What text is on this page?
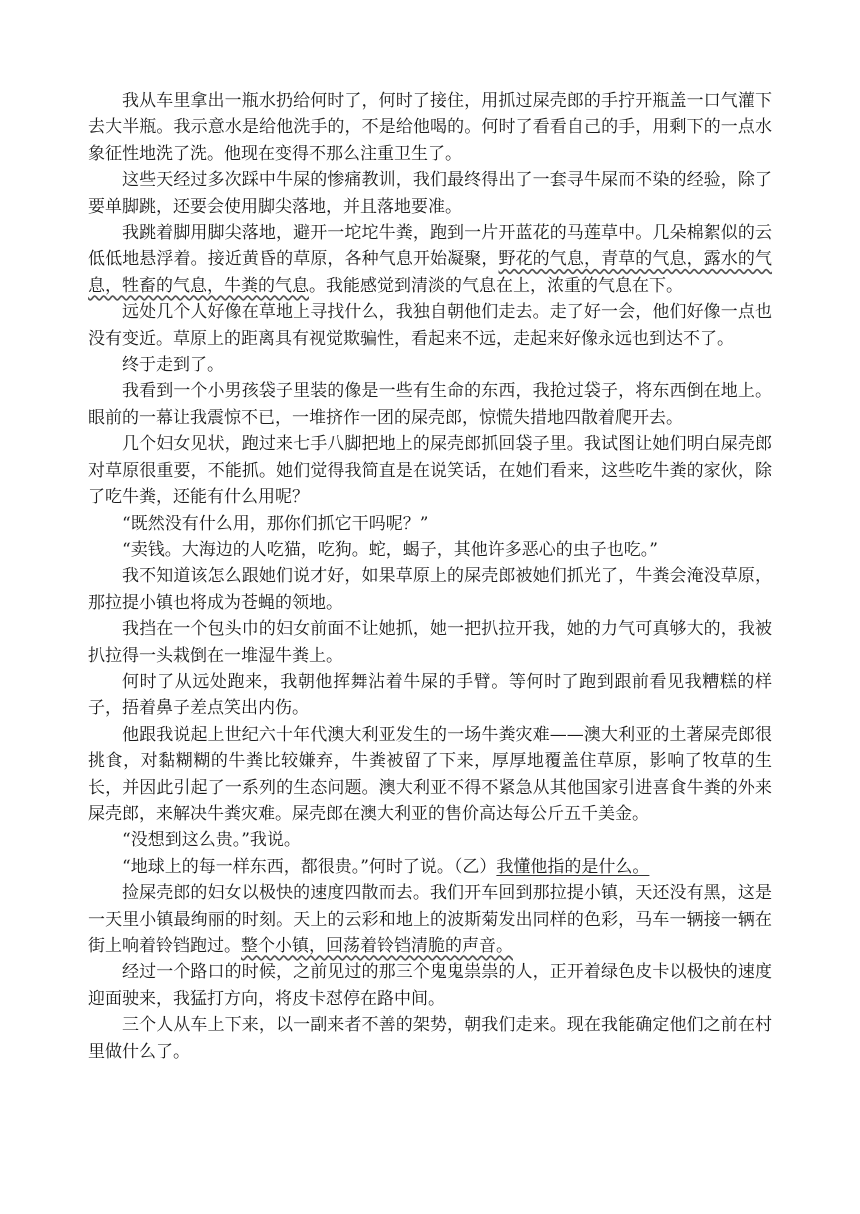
我从车里拿出一瓶水扔给何时了，何时了接住，用抓过屎壳郎的手拧开瓶盖一口气灌下去大半瓶。我示意水是给他洗手的，不是给他喝的。何时了看看自己的手，用剩下的一点水象征性地洗了洗。他现在变得不那么注重卫生了。

这些天经过多次踩中牛屎的惨痛教训，我们最终得出了一套寻牛屎而不染的经验，除了要单脚跳，还要会使用脚尖落地，并且落地要准。

我跳着脚用脚尖落地，避开一坨坨牛粪，跑到一片开蓝花的马莲草中。几朵棉絮似的云低低地悬浮着。接近黄昏的草原，各种气息开始凝聚，野花的气息，青草的气息，露水的气息，牲畜的气息，牛粪的气息。我能感觉到清淡的气息在上，浓重的气息在下。

远处几个人好像在草地上寻找什么，我独自朝他们走去。走了好一会，他们好像一点也没有变近。草原上的距离具有视觉欺骗性，看起来不远，走起来好像永远也到达不了。

终于走到了。

我看到一个小男孩袋子里装的像是一些有生命的东西，我抢过袋子，将东西倒在地上。眼前的一幕让我震惊不已，一堆挤作一团的屎壳郎，惊慌失措地四散着爬开去。

几个妇女见状，跑过来七手八脚把地上的屎壳郎抓回袋子里。我试图让她们明白屎壳郎对草原很重要，不能抓。她们觉得我简直是在说笑话，在她们看来，这些吃牛粪的家伙，除了吃牛粪，还能有什么用呢？

“既然没有什么用，那你们抓它干吗呢？”

“卖钱。大海边的人吃猫，吃狗。蛇，蝎子，其他许多恶心的虫子也吃。”

我不知道该怎么跟她们说才好，如果草原上的屎壳郎被她们抓光了，牛粪会淹没草原，那拉提小镇也将成为苍蝇的领地。

我挡在一个包头巾的妇女前面不让她抓，她一把扒拉开我，她的力气可真够大的，我被扒拉得一头栽倒在一堆湿牛粪上。

何时了从远处跑来，我朝他挥舞沾着牛屎的手臂。等何时了跑到跟前看见我糟糕的样子，捂着鼻子差点笑出内伤。

他跟我说起上世纪六十年代澳大利亚发生的一场牛粪灾难——澳大利亚的土著屎壳郎很挑食，对黏糊糊的牛粪比较嫌弃，牛粪被留了下来，厚厚地覆盖住草原，影响了牧草的生长，并因此引起了一系列的生态问题。澳大利亚不得不紧急从其他国家引进喜食牛粪的外来屎壳郎，来解决牛粪灾难。屎壳郎在澳大利亚的售价高达每公斤五千美金。

“没想到这么贵。”我说。

“地球上的每一样东西，都很贵。”何时了说。（乙）我懂他指的是什么。

捡屎壳郎的妇女以极快的速度四散而去。我们开车回到那拉提小镇，天还没有黑，这是一天里小镇最绚丽的时刻。天上的云彩和地上的波斯菊发出同样的色彩，马车一辆接一辆在街上响着铃铛跑过。整个小镇，回荡着铃铛清脆的声音。

经过一个路口的时候，之前见过的那三个鬼鬼祟祟的人，正开着绿色皮卡以极快的速度迎面驶来，我猛打方向，将皮卡怼停在路中间。

三个人从车上下来，以一副来者不善的架势，朝我们走来。现在我能确定他们之前在村里做什么了。
